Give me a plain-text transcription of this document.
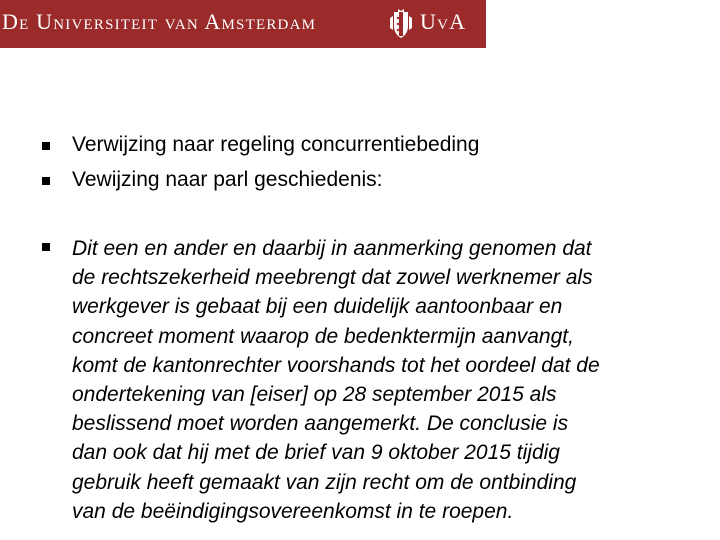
De Universiteit van Amsterdam	UvA
Verwijzing naar regeling concurrentiebeding
Vewijzing naar parl geschiedenis:
Dit een en ander en daarbij in aanmerking genomen dat
de rechtszekerheid meebrengt dat zowel werknemer als
werkgever is gebaat bij een duidelijk aantoonbaar en
concreet moment waarop de bedenktermijn aanvangt,
komt de kantonrechter voorshands tot het oordeel dat de
ondertekening van [eiser] op 28 september 2015 als
beslissend moet worden aangemerkt. De conclusie is
dan ook dat hij met de brief van 9 oktober 2015 tijdig
gebruik heeft gemaakt van zijn recht om de ontbinding
van de beëindigingsovereenkomst in te roepen.
